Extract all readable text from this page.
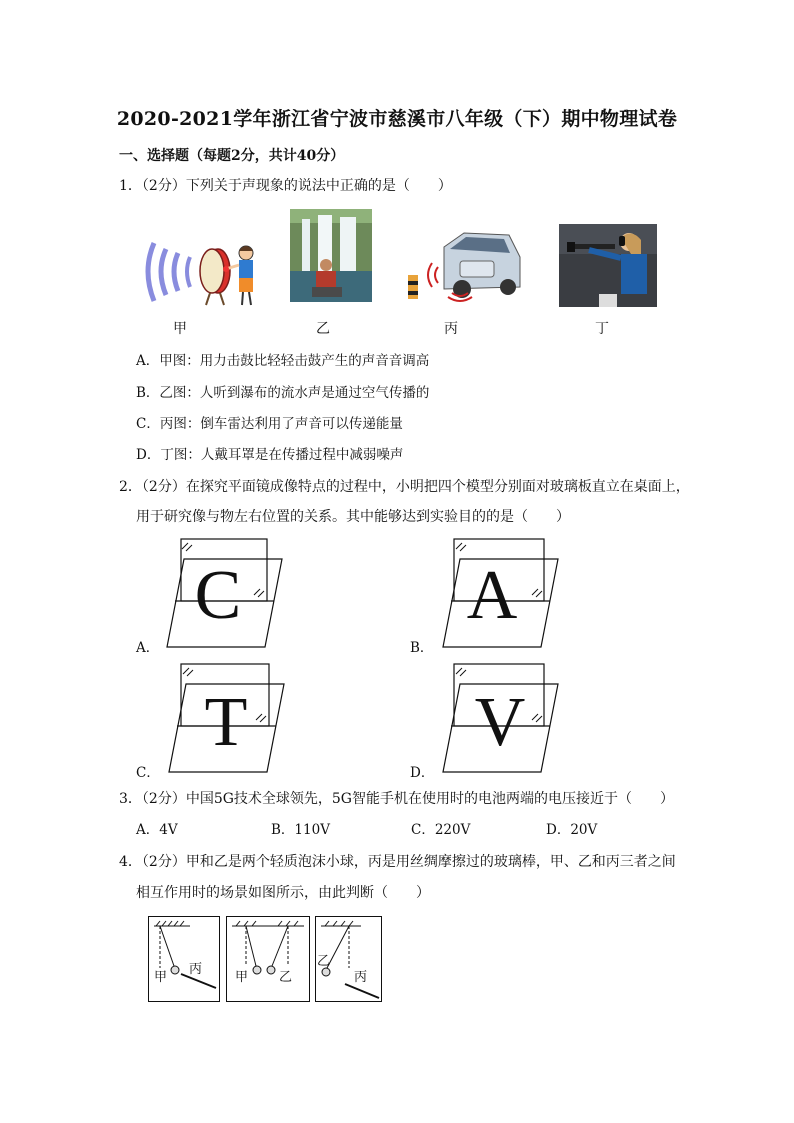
2020-2021学年浙江省宁波市慈溪市八年级（下）期中物理试卷
一、选择题（每题2分，共计40分）
1．（2分）下列关于声现象的说法中正确的是（　　）
甲	乙	丙	丁
A．甲图：用力击鼓比轻轻击鼓产生的声音音调高
B．乙图：人听到瀑布的流水声是通过空气传播的
C．丙图：倒车雷达利用了声音可以传递能量
D．丁图：人戴耳罩是在传播过程中减弱噪声
2．（2分）在探究平面镜成像特点的过程中，小明把四个模型分别面对玻璃板直立在桌面上，
用于研究像与物左右位置的关系。其中能够达到实验目的的是（　　）
A．
C
B．
A
C．
T
D．
V
3．（2分）中国5G技术全球领先，5G智能手机在使用时的电池两端的电压接近于（　　）
A．4V	B．110V	C．220V	D．20V
4．（2分）甲和乙是两个轻质泡沫小球，丙是用丝绸摩擦过的玻璃棒，甲、乙和丙三者之间
相互作用时的场景如图所示，由此判断（　　）
甲
丙
甲 乙
乙
丙
